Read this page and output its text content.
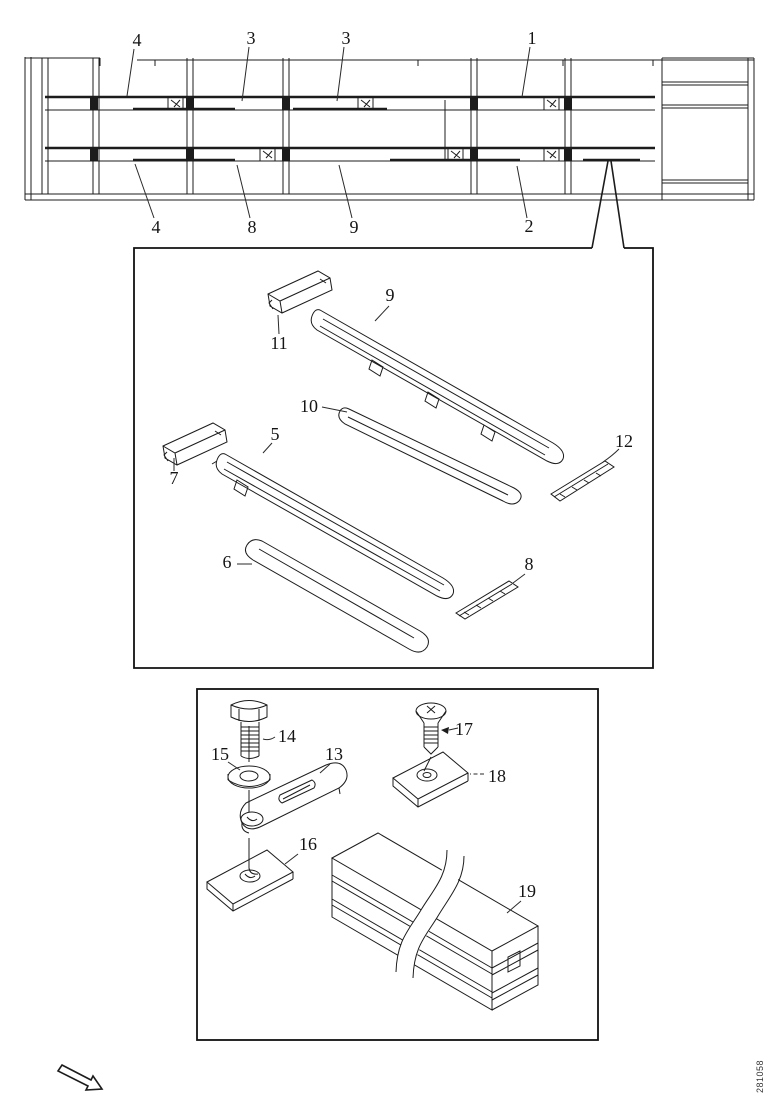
4	3	3	1
4	8	9	2
11
9
10
7
5
6
12
8
14
15	13
16
17
18
19
281058
